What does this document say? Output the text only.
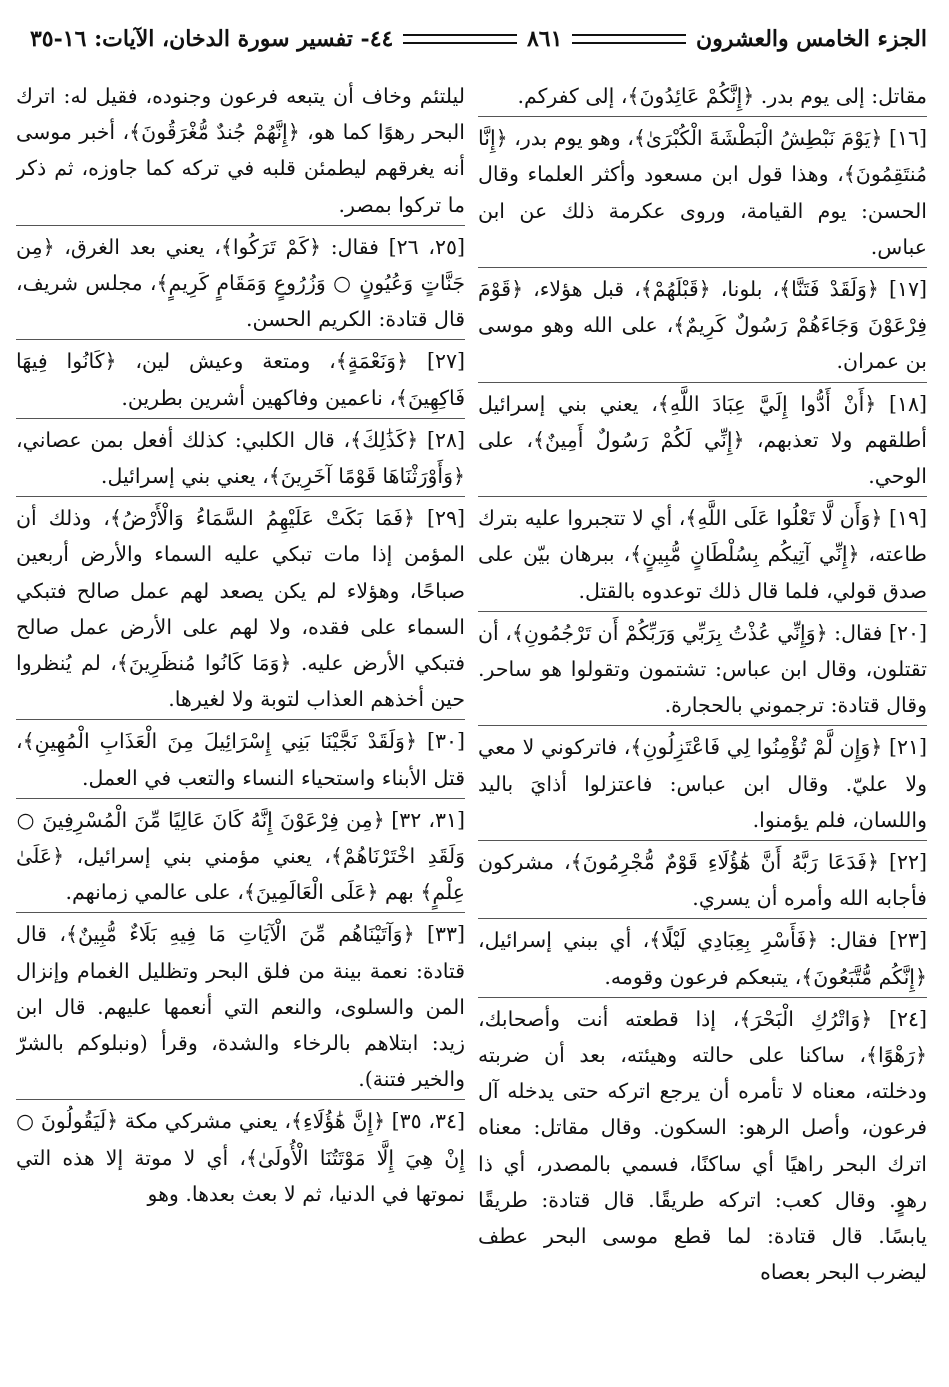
الجزء الخامس والعشرون
٨٦١
٤٤- تفسير سورة الدخان، الآيات: ١٦-٣٥

مقاتل: إلى يوم بدر. ﴿إِنَّكُمْ عَائِدُونَ﴾، إلى كفركم.

[١٦] ﴿يَوْمَ نَبْطِشُ الْبَطْشَةَ الْكُبْرَىٰ﴾، وهو يوم بدر، ﴿إِنَّا مُنتَقِمُونَ﴾، وهذا قول ابن مسعود وأكثر العلماء وقال الحسن: يوم القيامة، وروى عكرمة ذلك عن ابن عباس.

[١٧] ﴿وَلَقَدْ فَتَنَّا﴾، بلونا، ﴿قَبْلَهُمْ﴾، قبل هؤلاء، ﴿قَوْمَ فِرْعَوْنَ وَجَاءَهُمْ رَسُولٌ كَرِيمٌ﴾، على الله وهو موسى بن عمران.

[١٨] ﴿أَنْ أَدُّوا إِلَيَّ عِبَادَ اللَّهِ﴾، يعني بني إسرائيل أطلقهم ولا تعذبهم، ﴿إِنِّي لَكُمْ رَسُولٌ أَمِينٌ﴾، على الوحي.

[١٩] ﴿وَأَن لَّا تَعْلُوا عَلَى اللَّهِ﴾، أي لا تتجبروا عليه بترك طاعته، ﴿إِنِّي آتِيكُم بِسُلْطَانٍ مُّبِينٍ﴾، ببرهان بيّن على صدق قولي، فلما قال ذلك توعدوه بالقتل.

[٢٠] فقال: ﴿وَإِنِّي عُذْتُ بِرَبِّي وَرَبِّكُمْ أَن تَرْجُمُونِ﴾، أن تقتلون، وقال ابن عباس: تشتمون وتقولوا هو ساحر. وقال قتادة: ترجموني بالحجارة.

[٢١] ﴿وَإِن لَّمْ تُؤْمِنُوا لِي فَاعْتَزِلُونِ﴾، فاتركوني لا معي ولا عليّ. وقال ابن عباس: فاعتزلوا أذايَ باليد واللسان، فلم يؤمنوا.

[٢٢] ﴿فَدَعَا رَبَّهُ أَنَّ هَٰؤُلَاءِ قَوْمٌ مُّجْرِمُونَ﴾، مشركون فأجابه الله وأمره أن يسري.

[٢٣] فقال: ﴿فَأَسْرِ بِعِبَادِي لَيْلًا﴾، أي ببني إسرائيل، ﴿إِنَّكُم مُّتَّبَعُونَ﴾، يتبعكم فرعون وقومه.

[٢٤] ﴿وَاتْرُكِ الْبَحْرَ﴾، إذا قطعته أنت وأصحابك، ﴿رَهْوًا﴾، ساكنا على حالته وهيئته، بعد أن ضربته ودخلته، معناه لا تأمره أن يرجع اتركه حتى يدخله آل فرعون، وأصل الرهو: السكون. وقال مقاتل: معناه اترك البحر راهيًا أي ساكنًا، فسمي بالمصدر، أي ذا رهوٍ. وقال كعب: اتركه طريقًا. قال قتادة: طريقًا يابسًا. قال قتادة: لما قطع موسى البحر عطف ليضرب البحر بعصاه

ليلتئم وخاف أن يتبعه فرعون وجنوده، فقيل له: اترك البحر رهوًا كما هو، ﴿إِنَّهُمْ جُندٌ مُّغْرَقُونَ﴾، أخبر موسى أنه يغرقهم ليطمئن قلبه في تركه كما جاوزه، ثم ذكر ما تركوا بمصر.

[٢٥، ٢٦] فقال: ﴿كَمْ تَرَكُوا﴾، يعني بعد الغرق، ﴿مِن جَنَّاتٍ وَعُيُونٍ ○ وَزُرُوعٍ وَمَقَامٍ كَرِيمٍ﴾، مجلس شريف، قال قتادة: الكريم الحسن.

[٢٧] ﴿وَنَعْمَةٍ﴾، ومتعة وعيش لين، ﴿كَانُوا فِيهَا فَاكِهِينَ﴾، ناعمين وفاكهين أشرين بطرين.

[٢٨] ﴿كَذَٰلِكَ﴾، قال الكلبي: كذلك أفعل بمن عصاني، ﴿وَأَوْرَثْنَاهَا قَوْمًا آخَرِينَ﴾، يعني بني إسرائيل.

[٢٩] ﴿فَمَا بَكَتْ عَلَيْهِمُ السَّمَاءُ وَالْأَرْضُ﴾، وذلك أن المؤمن إذا مات تبكي عليه السماء والأرض أربعين صباحًا، وهؤلاء لم يكن يصعد لهم عمل صالح فتبكي السماء على فقده، ولا لهم على الأرض عمل صالح فتبكي الأرض عليه. ﴿وَمَا كَانُوا مُنظَرِينَ﴾، لم يُنظروا حين أخذهم العذاب لتوبة ولا لغيرها.

[٣٠] ﴿وَلَقَدْ نَجَّيْنَا بَنِي إِسْرَائِيلَ مِنَ الْعَذَابِ الْمُهِينِ﴾، قتل الأبناء واستحياء النساء والتعب في العمل.

[٣١، ٣٢] ﴿مِن فِرْعَوْنَ إِنَّهُ كَانَ عَالِيًا مِّنَ الْمُسْرِفِينَ ○ وَلَقَدِ اخْتَرْنَاهُمْ﴾، يعني مؤمني بني إسرائيل، ﴿عَلَىٰ عِلْمٍ﴾ بهم ﴿عَلَى الْعَالَمِينَ﴾، على عالمي زمانهم.

[٣٣] ﴿وَآتَيْنَاهُم مِّنَ الْآيَاتِ مَا فِيهِ بَلَاءٌ مُّبِينٌ﴾، قال قتادة: نعمة بينة من فلق البحر وتظليل الغمام وإنزال المن والسلوى، والنعم التي أنعمها عليهم. قال ابن زيد: ابتلاهم بالرخاء والشدة، وقرأ (ونبلوكم بالشرّ والخير فتنة).

[٣٤، ٣٥] ﴿إِنَّ هَٰؤُلَاءِ﴾، يعني مشركي مكة ﴿لَيَقُولُونَ ○ إِنْ هِيَ إِلَّا مَوْتَتُنَا الْأُولَىٰ﴾، أي لا موتة إلا هذه التي نموتها في الدنيا، ثم لا بعث بعدها. وهو
